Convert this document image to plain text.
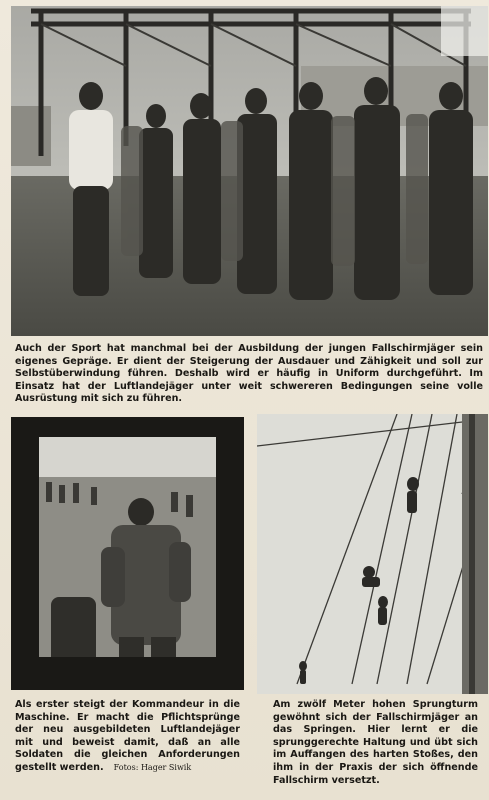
Auch der Sport hat manchmal bei der Ausbildung der jungen Fallschirmjäger sein eigenes Gepräge. Er dient der Steigerung der Ausdauer und Zähigkeit und soll zur Selbstüberwindung führen. Deshalb wird er häufig in Uniform durchgeführt. Im Einsatz hat der Luftlandejäger unter weit schwereren Bedingungen seine volle Ausrüstung mit sich zu führen.

Als erster steigt der Kommandeur in die Maschine. Er macht die Pflichtsprünge der neu ausgebildeten Luftlandejäger mit und beweist damit, daß an alle Soldaten die gleichen Anforderungen gestellt werden. Fotos: Hager Siwik

Am zwölf Meter hohen Sprungturm gewöhnt sich der Fallschirmjäger an das Springen. Hier lernt er die sprunggerechte Haltung und übt sich im Auffangen des harten Stoßes, den ihm in der Praxis der sich öffnende Fallschirm versetzt.
